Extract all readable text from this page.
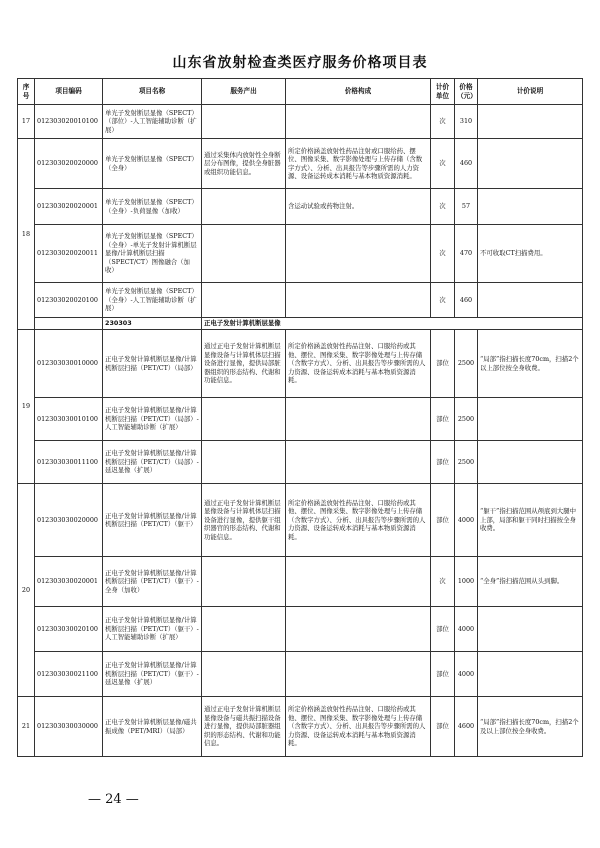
山东省放射检查类医疗服务价格项目表
序号	项目编码	项目名称	服务产出	价格构成	计价单位	价格（元）	计价说明
17	012303020010100	单光子发射断层显像（SPECT）（部位）-人工智能辅助诊断（扩展）			次	310	
18	012303020020000	单光子发射断层显像（SPECT）（全身）	通过采集体内放射性全身断层分布图像，提供全身脏器或组织功能信息。	所定价格涵盖放射性药品注射或口服给药、摆位、图像采集、数字影像处理与上传存储（含数字方式）、分析、出具报告等步骤所需的人力资源、设备运转成本消耗与基本物质资源消耗。	次	460	
	012303020020001	单光子发射断层显像（SPECT）（全身）-负荷显像（加收）		含运动试验或药物注射。	次	57	
	012303020020011	单光子发射断层显像（SPECT）（全身）-单光子发射计算机断层显像/计算机断层扫描（SPECT/CT）图像融合（加收）			次	470	不可收取CT扫描费用。
	012303020020100	单光子发射断层显像（SPECT）（全身）-人工智能辅助诊断（扩展）			次	460	
		230303	正电子发射计算机断层显像				
19	012303030010000	正电子发射计算机断层显像/计算机断层扫描（PET/CT）（局部）	通过正电子发射计算机断层显像设备与计算机体层扫描设备进行显像，提供局部脏器组织的形态结构、代谢和功能信息。	所定价格涵盖放射性药品注射、口服给药或其他、摆位、图像采集、数字影像处理与上传存储（含数字方式）、分析、出具报告等步骤所需的人力资源、设备运转成本消耗与基本物质资源消耗。	部位	2500	“局部”指扫描长度70cm，扫描2个以上部位按全身收费。
	012303030010100	正电子发射计算机断层显像/计算机断层扫描（PET/CT）（局部）-人工智能辅助诊断（扩展）			部位	2500	
	012303030011100	正电子发射计算机断层显像/计算机断层扫描（PET/CT）（局部）-延迟显像（扩展）			部位	2500	
20	012303030020000	正电子发射计算机断层显像/计算机断层扫描（PET/CT）（躯干）	通过正电子发射计算机断层显像设备与计算机体层扫描设备进行显像，提供躯干组织器官的形态结构、代谢和功能信息。	所定价格涵盖放射性药品注射、口服给药或其他、摆位、图像采集、数字影像处理与上传存储（含数字方式）、分析、出具报告等步骤所需的人力资源、设备运转成本消耗与基本物质资源消耗。	部位	4000	“躯干”指扫描范围从颅底到大腿中上部，局部和躯干同时扫描按全身收费。
	012303030020001	正电子发射计算机断层显像/计算机断层扫描（PET/CT）（躯干）-全身（加收）			次	1000	“全身”指扫描范围从头到脚。
	012303030020100	正电子发射计算机断层显像/计算机断层扫描（PET/CT）（躯干）-人工智能辅助诊断（扩展）			部位	4000	
	012303030021100	正电子发射计算机断层显像/计算机断层扫描（PET/CT）（躯干）-延迟显像（扩展）			部位	4000	
21	012303030030000	正电子发射计算机断层显像/磁共振成像（PET/MRI）（局部）	通过正电子发射计算机断层显像设备与磁共振扫描设备进行显像，提供局部脏器组织的形态结构、代谢和功能信息。	所定价格涵盖放射性药品注射、口服给药或其他、摆位、图像采集、数字影像处理与上传存储（含数字方式）、分析、出具报告等步骤所需的人力资源、设备运转成本消耗与基本物质资源消耗。	部位	4600	“局部”指扫描长度70cm，扫描2个及以上部位按全身收费。
— 24 —
